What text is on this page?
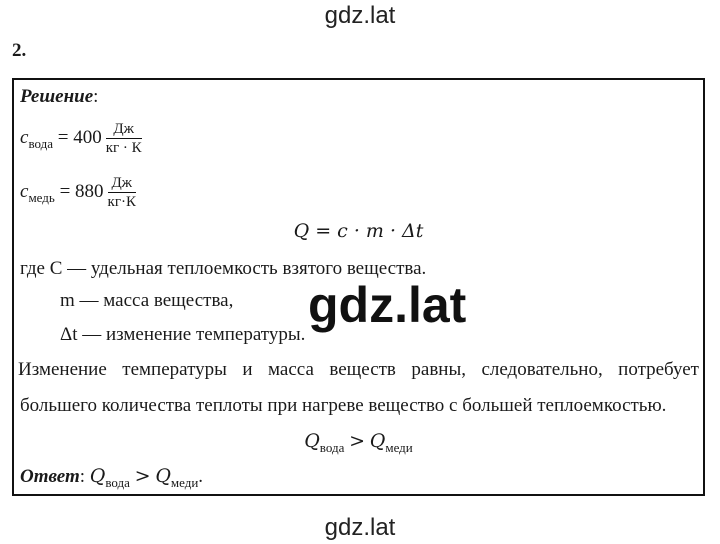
gdz.lat
2.
Решение:
$c_{вода} = 400 \frac{Дж}{кг \cdot К}$
$c_{медь} = 880 \frac{Дж}{кг\cdot К}$
Q = c · m · Δt
где C — удельная теплоемкость взятого вещества.
m — масса вещества,
Δt — изменение температуры.
Изменение температуры и масса веществ равны, следовательно, потребует
большего количества теплоты при нагреве вещество с большей теплоемкостью.
$Q_{вода} > Q_{меди}$
Ответ: $Q_{вода} > Q_{меди}$.
gdz.lat
gdz.lat
